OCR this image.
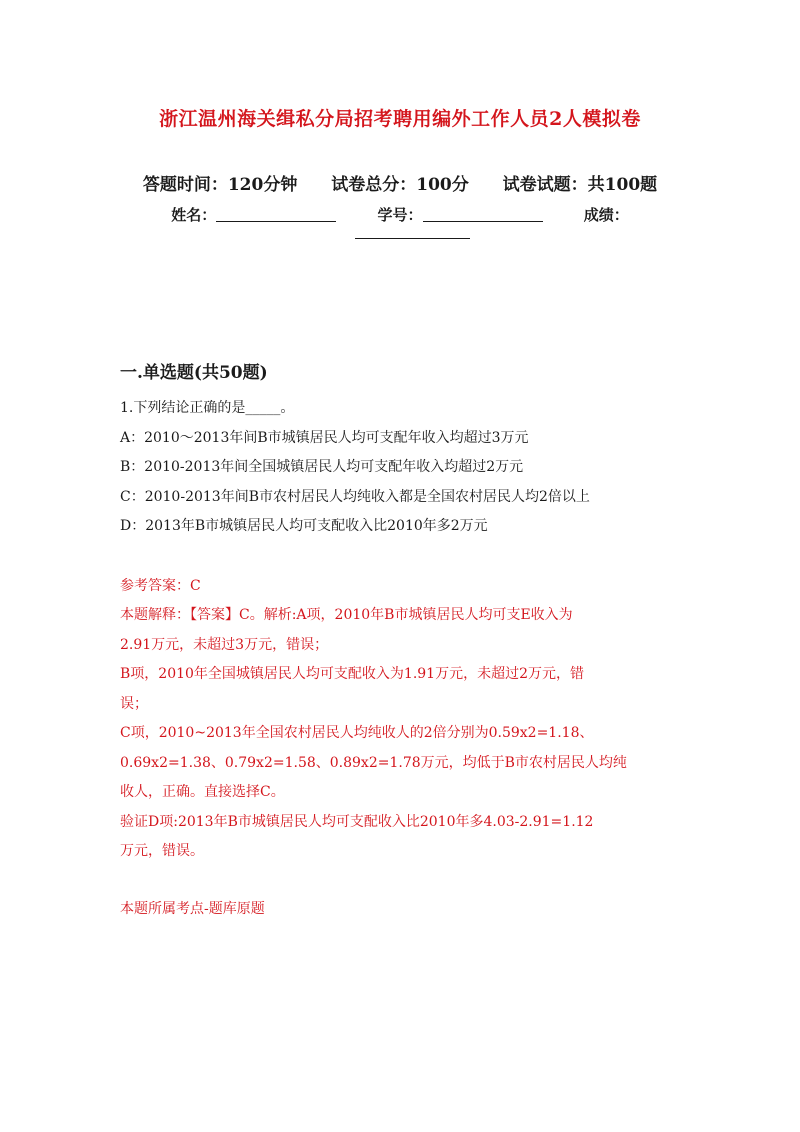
浙江温州海关缉私分局招考聘用编外工作人员2人模拟卷
答题时间：120分钟 试卷总分：100分 试卷试题：共100题
姓名：	学号：	成绩：
一.单选题(共50题)

1.下列结论正确的是_____。

A：2010～2013年间B市城镇居民人均可支配年收入均超过3万元

B：2010-2013年间全国城镇居民人均可支配年收入均超过2万元

C：2010-2013年间B市农村居民人均纯收入都是全国农村居民人均2倍以上

D：2013年B市城镇居民人均可支配收入比2010年多2万元

参考答案：C

本题解释：【答案】C。解析:A项，2010年B市城镇居民人均可支E收入为

2.91万元，未超过3万元，错误；

B项，2010年全国城镇居民人均可支配收入为1.91万元，未超过2万元，错

误；

C项，2010~2013年全国农村居民人均纯收人的2倍分别为0.59x2=1.18、

0.69x2=1.38、0.79x2=1.58、0.89x2=1.78万元，均低于B市农村居民人均纯

收人，正确。直接选择C。

验证D项:2013年B市城镇居民人均可支配收入比2010年多4.03-2.91=1.12

万元，错误。

本题所属考点-题库原题
